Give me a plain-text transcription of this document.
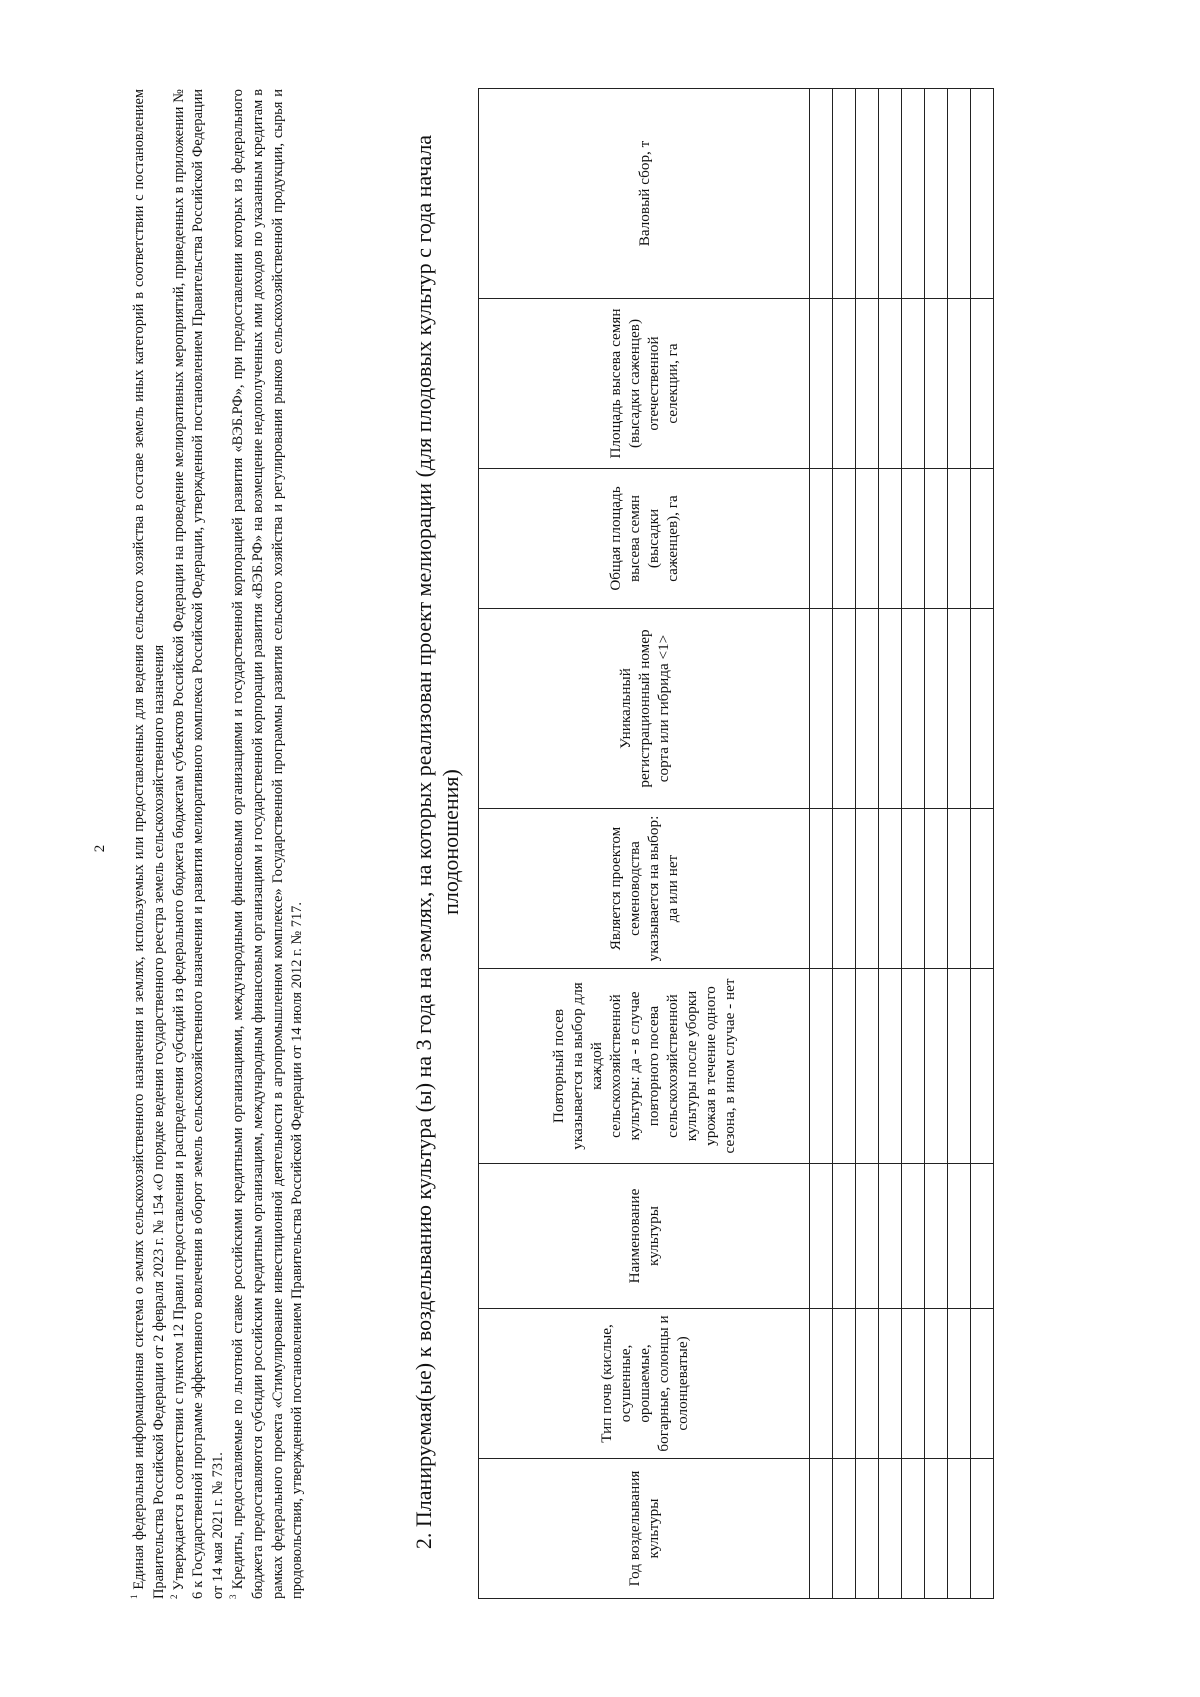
2

$^1$ Единая федеральная информационная система о землях сельскохозяйственного назначения и землях, используемых или предоставленных для ведения сельского хозяйства в составе земель иных категорий в соответствии с постановлением Правительства Российской Федерации от 2 февраля 2023 г. № 154 «О порядке ведения государственного реестра земель сельскохозяйственного назначения $^2$ Утверждается в соответствии с пунктом 12 Правил предоставления и распределения субсидий из федерального бюджета бюджетам субъектов Российской Федерации на проведение мелиоративных мероприятий, приведенных в приложении № 6 к Государственной программе эффективного вовлечения в оборот земель сельскохозяйственного назначения и развития мелиоративного комплекса Российской Федерации, утвержденной постановлением Правительства Российской Федерации от 14 мая 2021 г. № 731. $^3$ Кредиты, предоставляемые по льготной ставке российскими кредитными организациями, международными финансовыми организациями и государственной корпорацией развития «ВЭБ.РФ», при предоставлении которых из федерального бюджета предоставляются субсидии российским кредитным организациям, международным финансовым организациям и государственной корпорации развития «ВЭБ.РФ» на возмещение недополученных ими доходов по указанным кредитам в рамках федерального проекта «Стимулирование инвестиционной деятельности в агропромышленном комплексе» Государственной программы развития сельского хозяйства и регулирования рынков сельскохозяйственной продукции, сырья и продовольствия, утвержденной постановлением Правительства Российской Федерации от 14 июля 2012 г. № 717.	2. Планируемая(ые) к возделыванию культура (ы) на 3 года на землях, на которых реализован проект мелиорации (для плодовых культур с года начала плодоношения)
Год возделывания культуры	Тип почв (кислые, осушенные, орошаемые, богарные, солонцы и солонцеватые)	Наименование культуры	Повторный посев указывается на выбор для каждой сельскохозяйственной культуры: да - в случае повторного посева сельскохозяйственной культуры после уборки урожая в течение одного сезона, в ином случае - нет	Является проектом семеноводства указывается на выбор: да или нет	Уникальный регистрационный номер сорта или гибрида <1>	Общая площадь высева семян (высадки саженцев), га	Площадь высева семян (высадки саженцев) отечественной селекции, га	Валовый сбор, т
